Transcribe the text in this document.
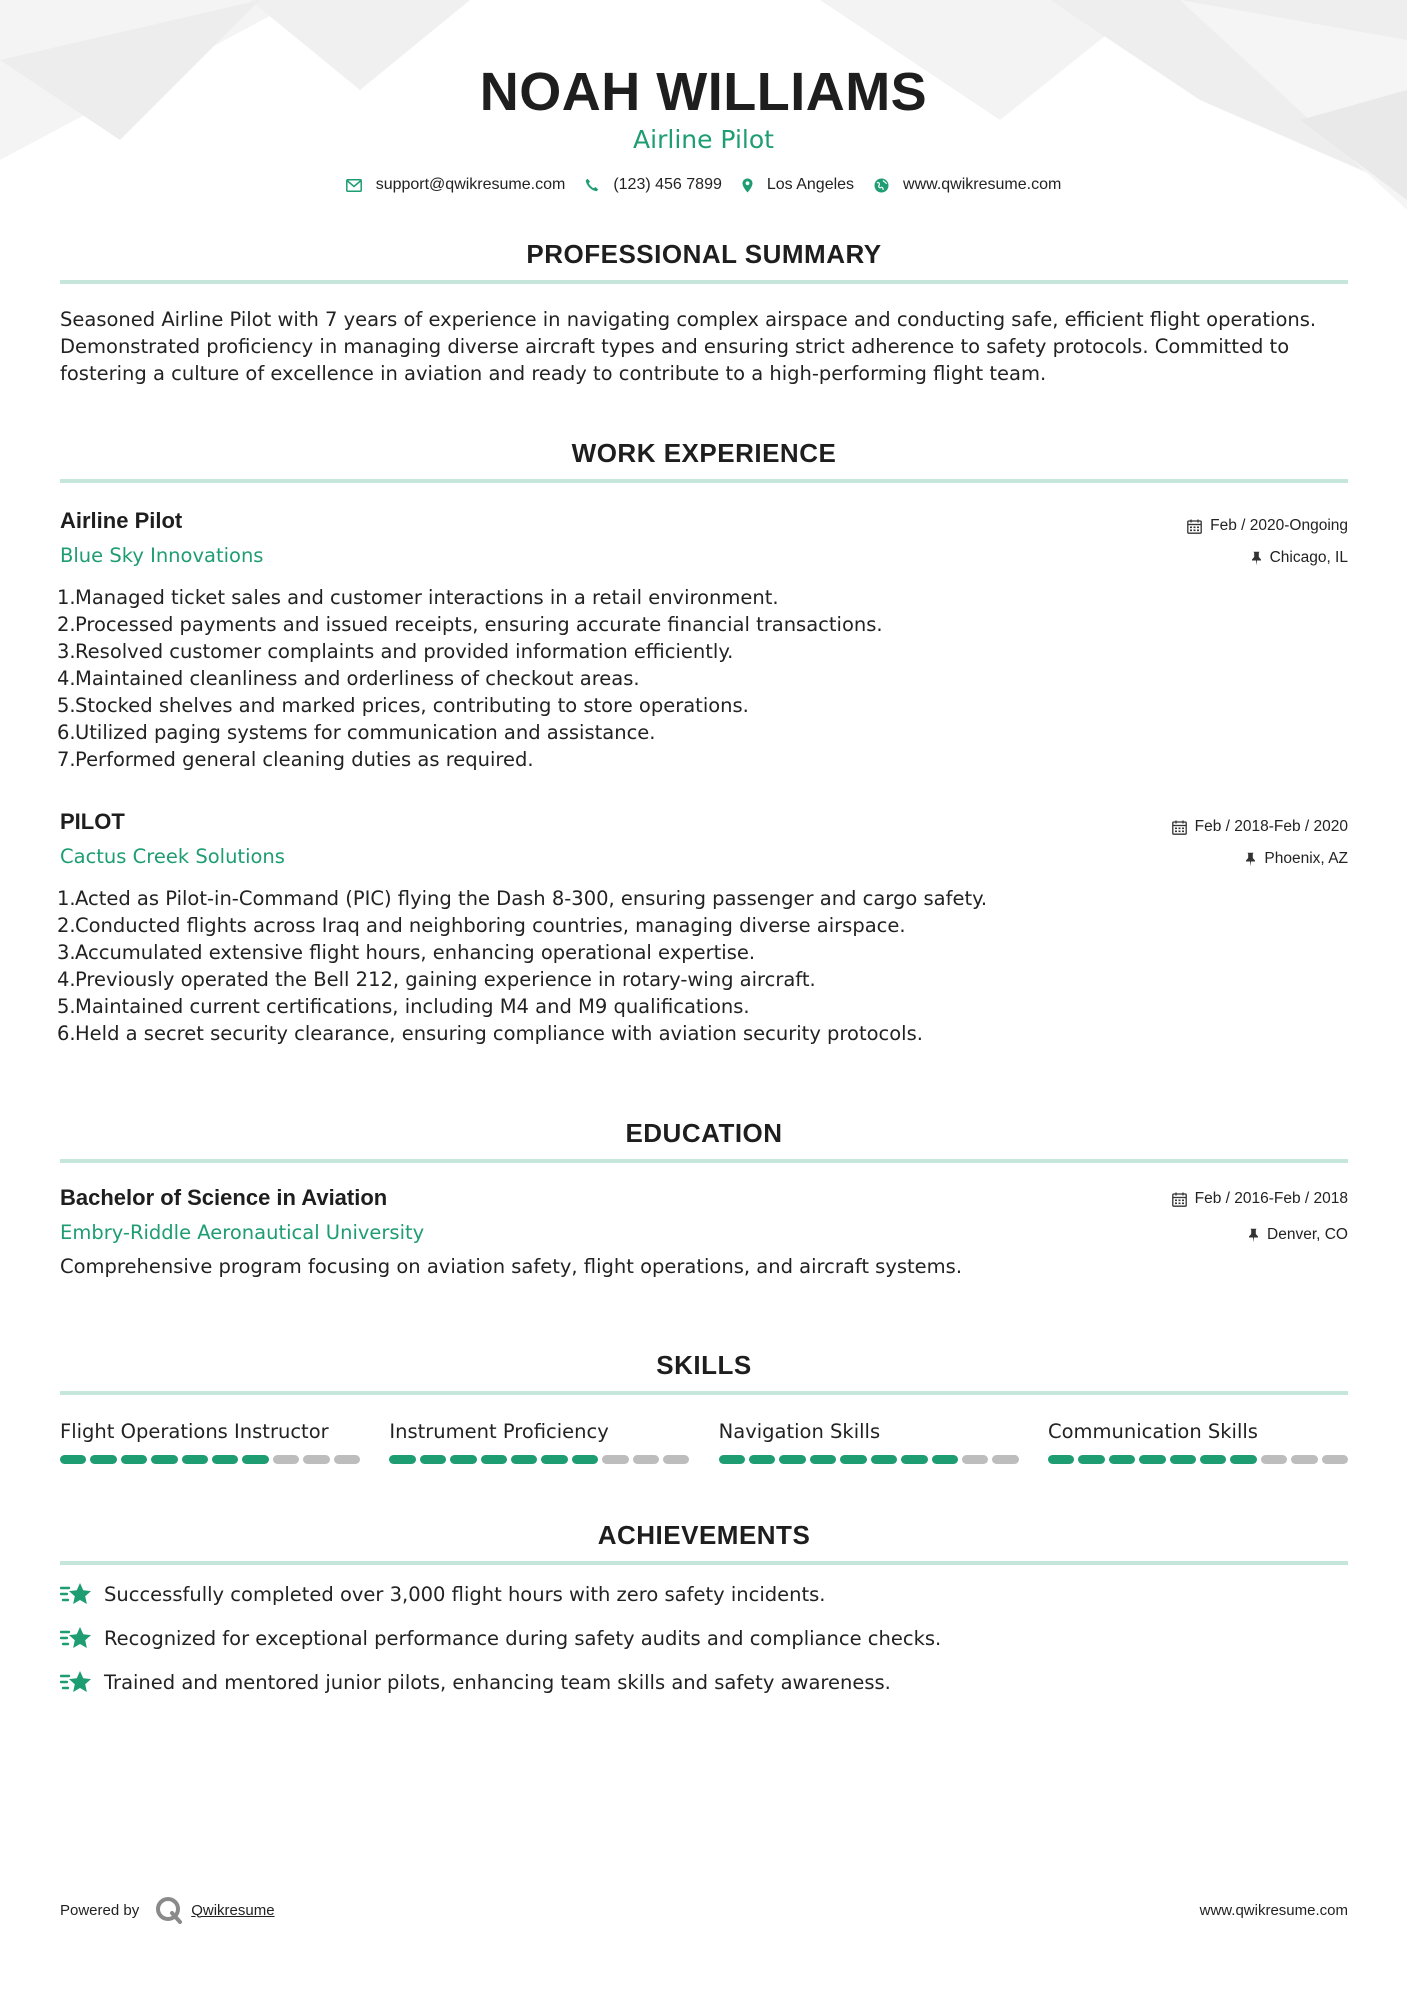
NOAH WILLIAMS
Airline Pilot
support@qwikresume.com	(123) 456 7899	Los Angeles	www.qwikresume.com
PROFESSIONAL SUMMARY

Seasoned Airline Pilot with 7 years of experience in navigating complex airspace and conducting safe, efficient flight operations. Demonstrated proficiency in managing diverse aircraft types and ensuring strict adherence to safety protocols. Committed to fostering a culture of excellence in aviation and ready to contribute to a high-performing flight team.

WORK EXPERIENCE
Airline Pilot
Blue Sky Innovations
Feb / 2020-Ongoing
Chicago, IL
1. Managed ticket sales and customer interactions in a retail environment.
2. Processed payments and issued receipts, ensuring accurate financial transactions.
3. Resolved customer complaints and provided information efficiently.
4. Maintained cleanliness and orderliness of checkout areas.
5. Stocked shelves and marked prices, contributing to store operations.
6. Utilized paging systems for communication and assistance.
7. Performed general cleaning duties as required.
PILOT
Cactus Creek Solutions
Feb / 2018-Feb / 2020
Phoenix, AZ
1. Acted as Pilot-in-Command (PIC) flying the Dash 8-300, ensuring passenger and cargo safety.
2. Conducted flights across Iraq and neighboring countries, managing diverse airspace.
3. Accumulated extensive flight hours, enhancing operational expertise.
4. Previously operated the Bell 212, gaining experience in rotary-wing aircraft.
5. Maintained current certifications, including M4 and M9 qualifications.
6. Held a secret security clearance, ensuring compliance with aviation security protocols.
EDUCATION
Bachelor of Science in Aviation
Embry-Riddle Aeronautical University
Feb / 2016-Feb / 2018
Denver, CO

Comprehensive program focusing on aviation safety, flight operations, and aircraft systems.

SKILLS
Flight Operations Instructor	Instrument Proficiency	Navigation Skills	Communication Skills
ACHIEVEMENTS
Successfully completed over 3,000 flight hours with zero safety incidents.
Recognized for exceptional performance during safety audits and compliance checks.
Trained and mentored junior pilots, enhancing team skills and safety awareness.
Powered by	Qwikresume	www.qwikresume.com
